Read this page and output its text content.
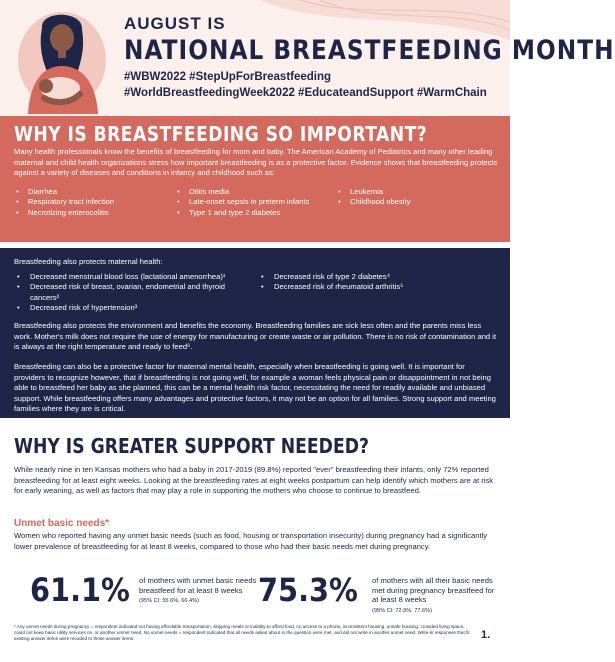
AUGUST IS
NATIONAL BREASTFEEDING MONTH
#WBW2022 #StepUpForBreastfeeding #WorldBreastfeedingWeek2022 #EducateandSupport #WarmChain
WHY IS BREASTFEEDING SO IMPORTANT?
Many health professionals know the benefits of breastfeeding for mom and baby. The American Academy of Pediatrics and many other leading maternal and child health organizations stress how important breastfeeding is as a protective factor. Evidence shows that breastfeeding protects against a variety of diseases and conditions in infancy and childhood such as:
• Diarrhea
• Respiratory tract infection
• Necrotizing enterocolitis
• Otitis media
• Late-onset sepsis in preterm infants
• Type 1 and type 2 diabetes
• Leukemia
• Childhood obesity
Breastfeeding also protects maternal health:
• Decreased menstrual blood loss (lactational amenorrhea)¹
• Decreased risk of breast, ovarian, endometrial and thyroid cancers²
• Decreased risk of hypertension³
• Decreased risk of type 2 diabetes⁴
• Decreased risk of rheumatoid arthritis⁵
Breastfeeding also protects the environment and benefits the economy. Breastfeeding families are sick less often and the parents miss less work. Mother's milk does not require the use of energy for manufacturing or create waste or air pollution. There is no risk of contamination and it is always at the right temperature and ready to feed⁶.
Breastfeeding can also be a protective factor for maternal mental health, especially when breastfeeding is going well. It is important for providers to recognize however, that if breastfeeding is not going well, for example a woman feels physical pain or disappointment in not being able to breastfeed her baby as she planned, this can be a mental health risk factor, necessitating the need for readily available and unbiased support. While breastfeeding offers many advantages and protective factors, it may not be an option for all families. Strong support and meeting families where they are is critical.
WHY IS GREATER SUPPORT NEEDED?
While nearly nine in ten Kansas mothers who had a baby in 2017-2019 (89.8%) reported "ever" breastfeeding their infants, only 72% reported breastfeeding for at least eight weeks. Looking at the breastfeeding rates at eight weeks postpartum can help identify which mothers are at risk for early weaning, as well as factors that may play a role in supporting the mothers who choose to continue to breastfeed.
Unmet basic needs*
Women who reported having any unmet basic needs (such as food, housing or transportation insecurity) during pregnancy had a significantly lower prevalence of breastfeeding for at least 8 weeks, compared to those who had their basic needs met during pregnancy.
61.1% of mothers with unmet basic needs breastfeed for at least 8 weeks
(95% CI: 55.6%, 66.4%)	75.3% of mothers with all their basic needs met during pregnancy breastfeed for at least 8 weeks
(95% CI: 72.9%, 77.6%)
* Any unmet needs during pregnancy = respondent indicated not having affordable transportation, skipping meals or inability to afford food, no access to a phone, inconsistent housing, unsafe housing, crowded living space, could not keep basic utility services on, or another unmet need. No unmet needs = respondent indicated that all needs asked about in the question were met, and did not write in another unmet need. Write-in responses that fit existing answer items were recoded to those answer items.	1.
